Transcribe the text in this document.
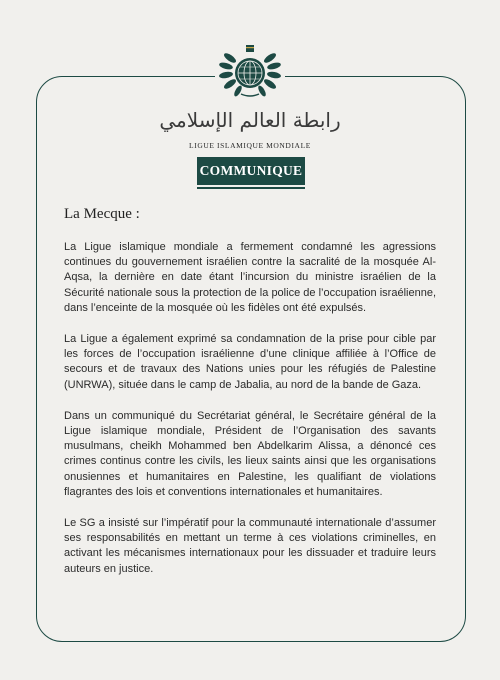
رابطة العالم الإسلامي
LIGUE ISLAMIQUE MONDIALE
COMMUNIQUE
La Mecque :

La Ligue islamique mondiale a fermement condamné les agressions continues du gouvernement israélien contre la sacralité de la mosquée Al-Aqsa, la dernière en date étant l’incursion du ministre israélien de la Sécurité nationale sous la protection de la police de l’occupation israélienne, dans l’enceinte de la mosquée où les fidèles ont été expulsés.

La Ligue a également exprimé sa condamnation de la prise pour cible par les forces de l’occupation israélienne d’une clinique affiliée à l’Office de secours et de travaux des Nations unies pour les réfugiés de Palestine (UNRWA), située dans le camp de Jabalia, au nord de la bande de Gaza.

Dans un communiqué du Secrétariat général, le Secrétaire général de la Ligue islamique mondiale, Président de l’Organisation des savants musulmans, cheikh Mohammed ben Abdelkarim Alissa, a dénoncé ces crimes continus contre les civils, les lieux saints ainsi que les organisations onusiennes et humanitaires en Palestine, les qualifiant de violations flagrantes des lois et conventions internationales et humanitaires.

Le SG a insisté sur l’impératif pour la communauté internationale d’assumer ses responsabilités en mettant un terme à ces violations criminelles, en activant les mécanismes internationaux pour les dissuader et traduire leurs auteurs en justice.
